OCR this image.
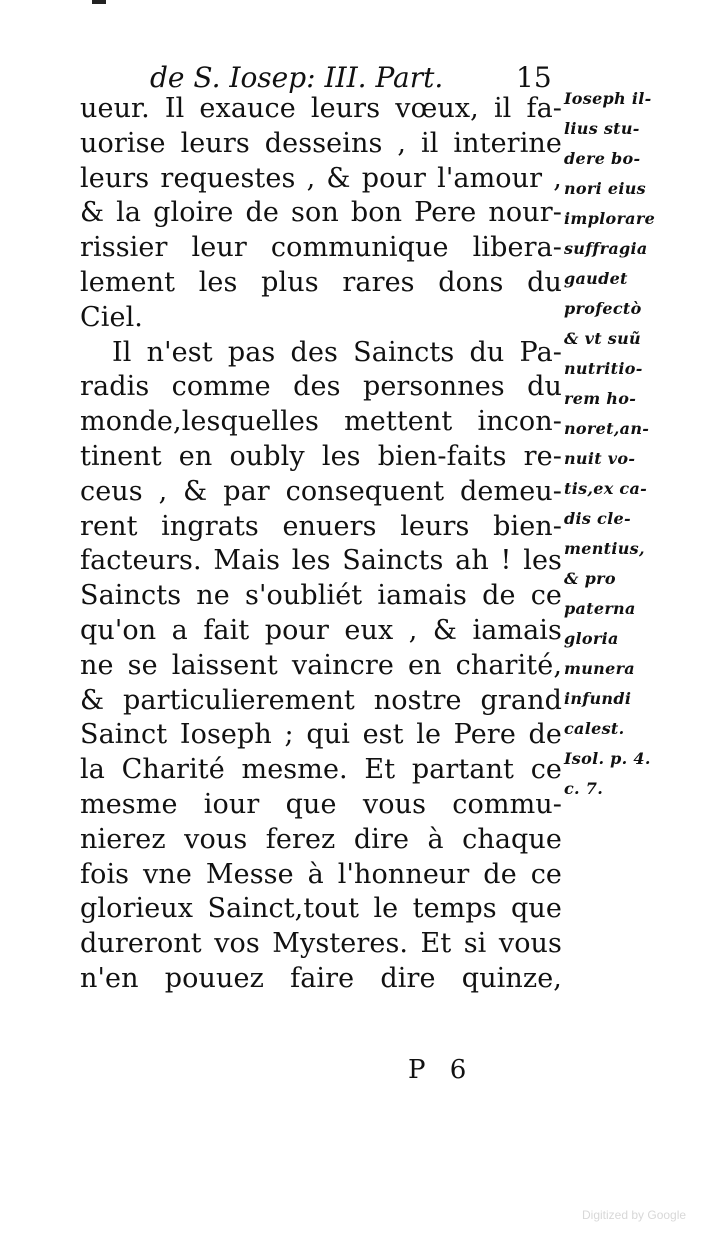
de S. Iosep: III. Part.	15
ueur. Il exauce leurs vœux, il fa-
uorise leurs desseins , il interine
leurs requestes , & pour l'amour ,
& la gloire de son bon Pere nour-
rissier leur communique libera-
lement les plus rares dons du
Ciel.
Il n'est pas des Saincts du Pa-
radis comme des personnes du
monde,lesquelles mettent incon-
tinent en oubly les bien-faits re-
ceus , & par consequent demeu-
rent ingrats enuers leurs bien-
facteurs. Mais les Saincts ah ! les
Saincts ne s'oubliét iamais de ce
qu'on a fait pour eux , & iamais
ne se laissent vaincre en charité,
& particulierement nostre grand
Sainct Ioseph ; qui est le Pere de
la Charité mesme. Et partant ce
mesme iour que vous commu-
nierez vous ferez dire à chaque
fois vne Messe à l'honneur de ce
glorieux Sainct,tout le temps que
dureront vos Mysteres. Et si vous
n'en pouuez faire dire quinze,
Ioseph il-
lius stu-
dere bo-
nori eius
implorare
suffragia
gaudet
profectò
& vt suũ
nutritio-
rem ho-
noret,an-
nuit vo-
tis,ex ca-
dis cle-
mentius,
& pro
paterna
gloria
munera
infundi
calest.
Isol. p. 4.
c. 7.
P 6
Digitized by Google
